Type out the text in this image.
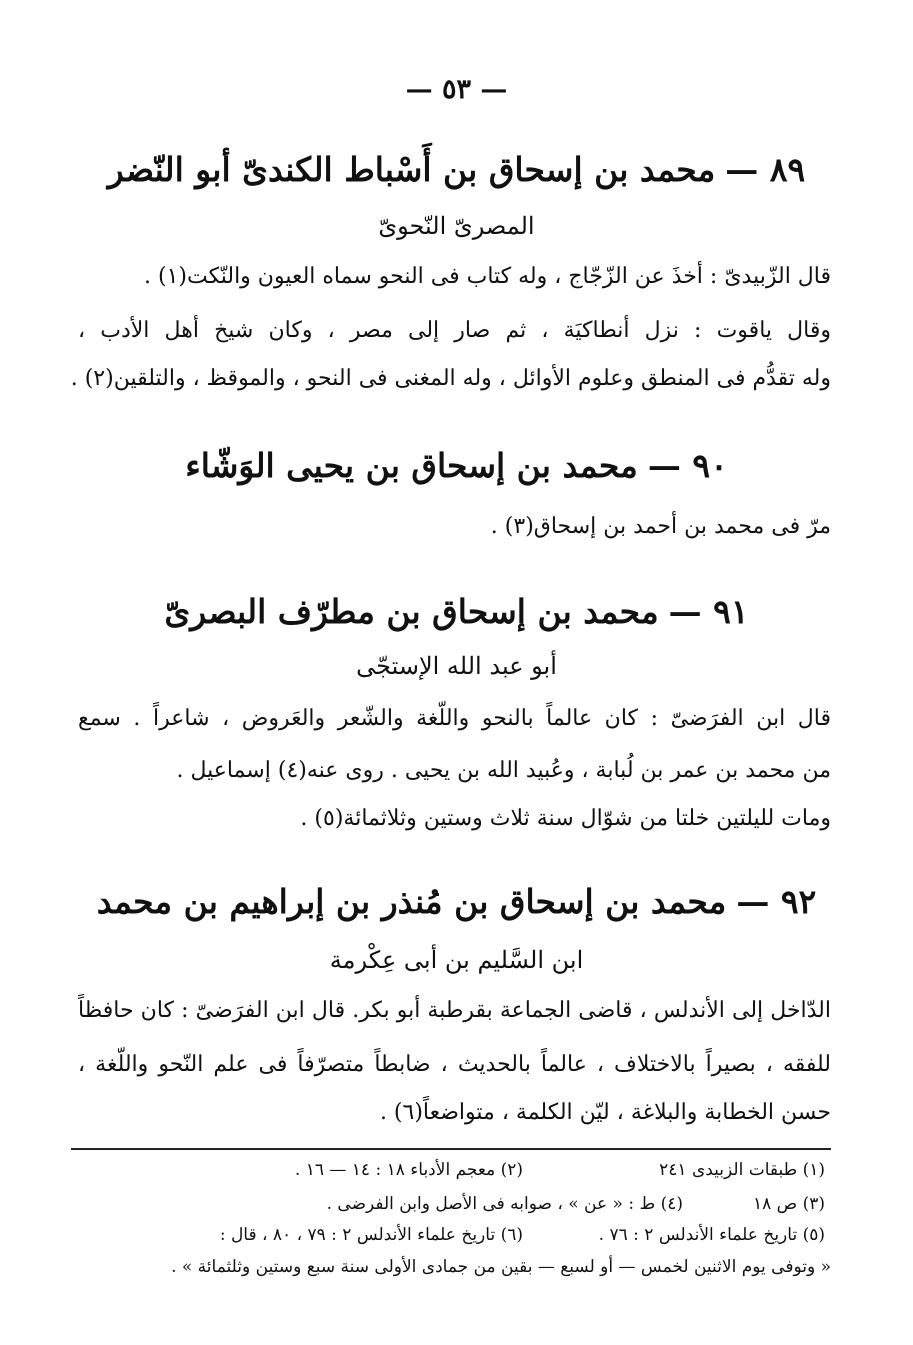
— ٥٣ —
٨٩ —محمد بن إسحاق بن أَسْباط الكندىّ أبو النّضر
المصرىّ النّحوىّ
قال الزّبيدىّ : أخذَ عن الزّجّاج ، وله كتاب فى النحو سماه العيون والنّكت(١) .
وقال ياقوت : نزل أنطاكيَة ، ثم صار إلى مصر ، وكان شيخ أهل الأدب ،
وله تقدُّم فى المنطق وعلوم الأوائل ، وله المغنى فى النحو ، والموقظ ، والتلقين(٢) .
٩٠ —محمد بن إسحاق بن يحيى الوَشّاء
مرّ فى محمد بن أحمد بن إسحاق(٣) .
٩١ —محمد بن إسحاق بن مطرّف البصرىّ
أبو عبد الله الإستجّى
قال ابن الفرَضىّ : كان عالماً بالنحو واللّغة والشّعر والعَروض ، شاعراً . سمع
من محمد بن عمر بن لُبابة ، وعُبيد الله بن يحيى . روى عنه(٤) إسماعيل .
ومات لليلتين خلتا من شوّال سنة ثلاث وستين وثلاثمائة(٥) .
٩٢ —محمد بن إسحاق بن مُنذر بن إبراهيم بن محمد
ابن السَّليم بن أبى عِكْرمة
الدّاخل إلى الأندلس ، قاضى الجماعة بقرطبة أبو بكر. قال ابن الفرَضىّ : كان حافظاً
للفقه ، بصيراً بالاختلاف ، عالماً بالحديث ، ضابطاً متصرّفاً فى علم النّحو واللّغة ،
حسن الخطابة والبلاغة ، ليّن الكلمة ، متواضعاً(٦) .
(١) طبقات الزبيدى ٢٤١
(٢) معجم الأدباء ١٨ : ١٤ — ١٦ .
(٣) ص ١٨
(٤) ط : « عن » ، صوابه فى الأصل وابن الفرضى .
(٥) تاريخ علماء الأندلس ٢ : ٧٦ .
(٦) تاريخ علماء الأندلس ٢ : ٧٩ ، ٨٠ ، قال :
« وتوفى يوم الاثنين لخمس — أو لسبع — بقين من جمادى الأولى سنة سبع وستين وثلثمائة » .
